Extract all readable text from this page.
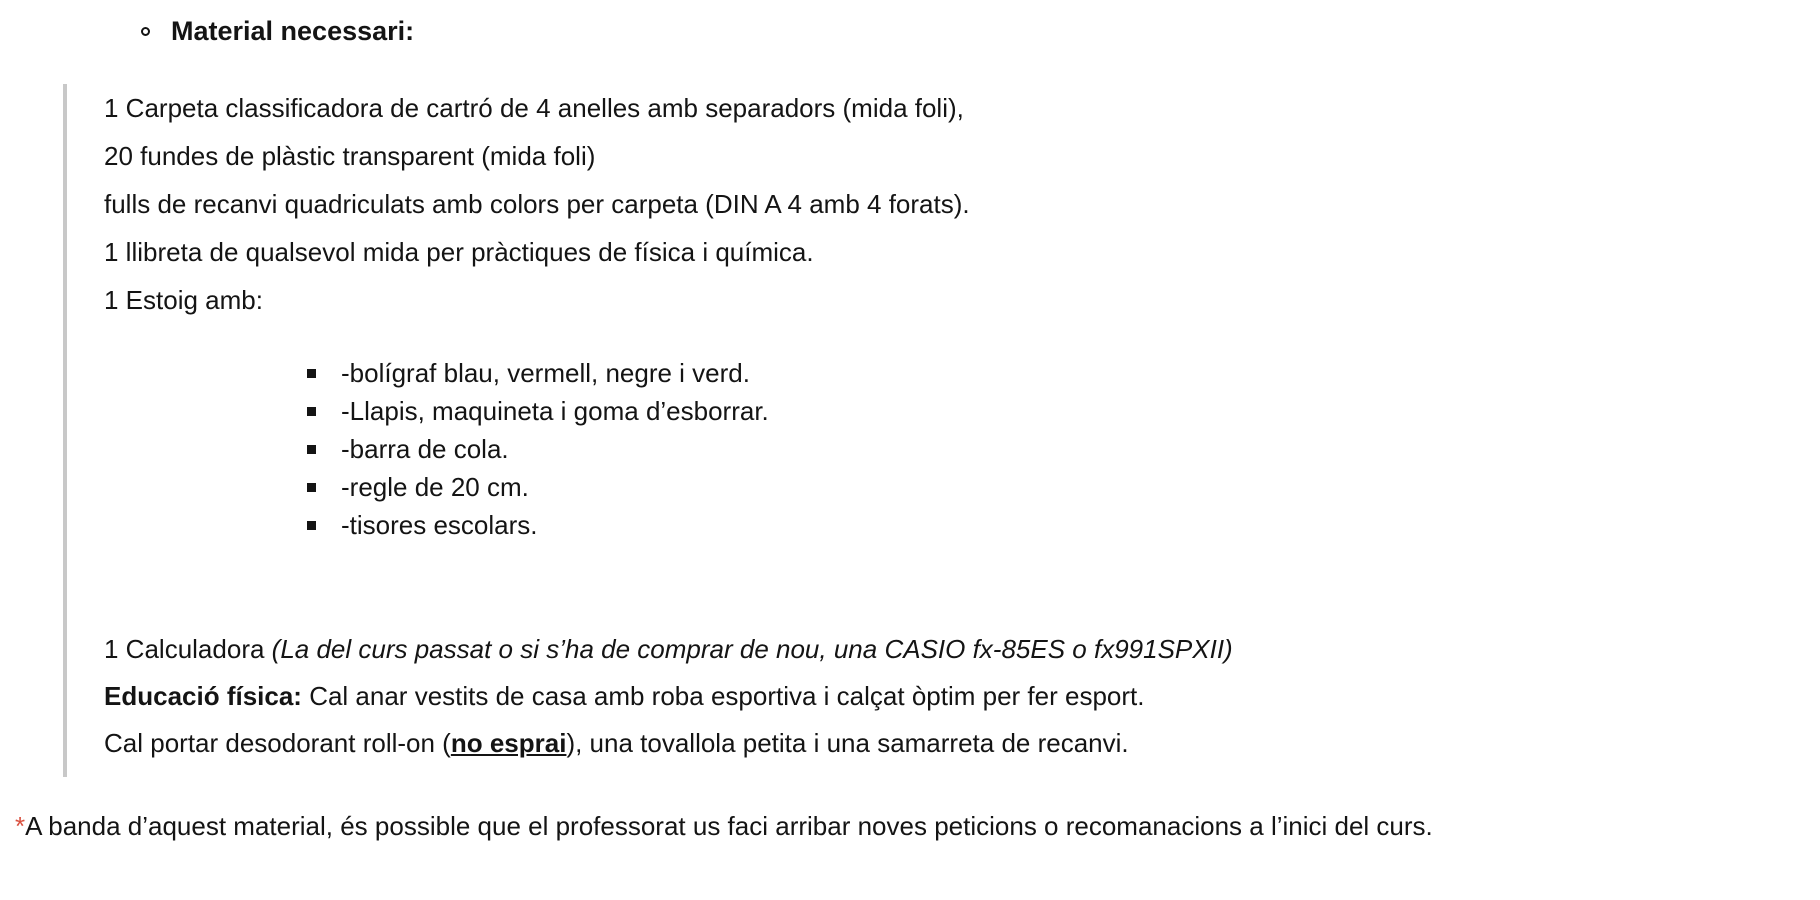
Material necessari:
1 Carpeta classificadora de cartró de 4 anelles amb separadors (mida foli),
20 fundes de plàstic transparent (mida foli)
fulls de recanvi quadriculats amb colors per carpeta (DIN A 4 amb 4 forats).
1 llibreta de qualsevol mida per pràctiques de física i química.
1 Estoig amb:
-bolígraf blau, vermell, negre i verd.
-Llapis, maquineta i goma d’esborrar.
-barra de cola.
-regle de 20 cm.
-tisores escolars.
1 Calculadora (La del curs passat o si s’ha de comprar de nou, una CASIO fx-85ES o fx991SPXII)
Educació física: Cal anar vestits de casa amb roba esportiva i calçat òptim per fer esport.
Cal portar desodorant roll-on (no esprai), una tovallola petita i una samarreta de recanvi.
*A banda d’aquest material, és possible que el professorat us faci arribar noves peticions o recomanacions a l’inici del curs.
